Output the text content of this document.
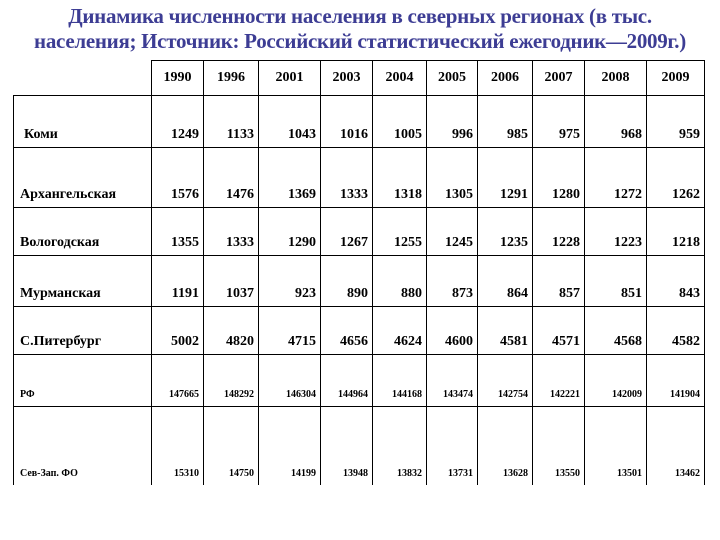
Динамика численности населения в северных регионах (в тыс.
населения; Источник: Российский статистический ежегодник—2009г.)
	1990	1996	2001	2003	2004	2005	2006	2007	2008	2009
Коми	1249	1133	1043	1016	1005	996	985	975	968	959
Архангельская	1576	1476	1369	1333	1318	1305	1291	1280	1272	1262
Вологодская	1355	1333	1290	1267	1255	1245	1235	1228	1223	1218
Мурманская	1191	1037	923	890	880	873	864	857	851	843
С.Питербург	5002	4820	4715	4656	4624	4600	4581	4571	4568	4582
РФ	147665	148292	146304	144964	144168	143474	142754	142221	142009	141904
Сев-Зап. ФО	15310	14750	14199	13948	13832	13731	13628	13550	13501	13462
